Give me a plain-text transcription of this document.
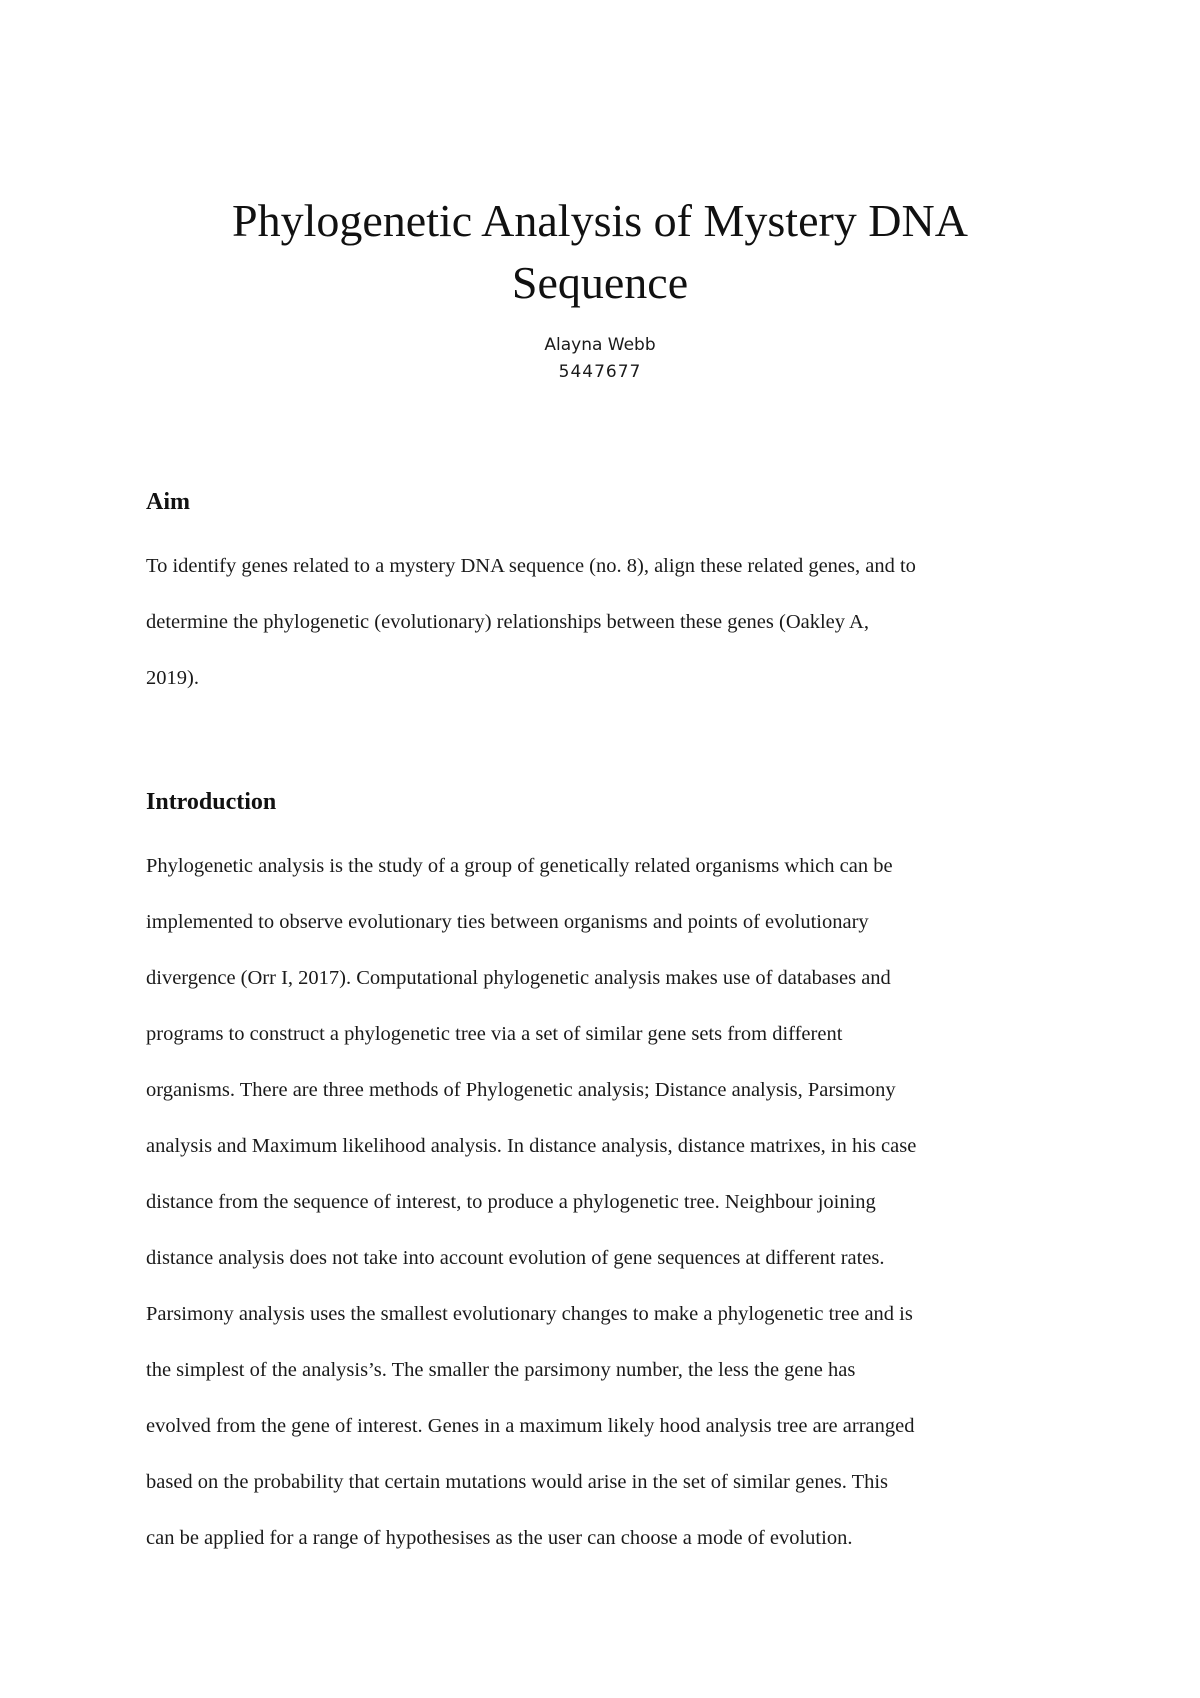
Phylogenetic Analysis of Mystery DNA
Sequence
Alayna Webb
5447677
Aim
To identify genes related to a mystery DNA sequence (no. 8), align these related genes, and to
determine the phylogenetic (evolutionary) relationships between these genes (Oakley A,
2019).
Introduction
Phylogenetic analysis is the study of a group of genetically related organisms which can be
implemented to observe evolutionary ties between organisms and points of evolutionary
divergence (Orr I, 2017). Computational phylogenetic analysis makes use of databases and
programs to construct a phylogenetic tree via a set of similar gene sets from different
organisms. There are three methods of Phylogenetic analysis; Distance analysis, Parsimony
analysis and Maximum likelihood analysis. In distance analysis, distance matrixes, in his case
distance from the sequence of interest, to produce a phylogenetic tree. Neighbour joining
distance analysis does not take into account evolution of gene sequences at different rates.
Parsimony analysis uses the smallest evolutionary changes to make a phylogenetic tree and is
the simplest of the analysis’s. The smaller the parsimony number, the less the gene has
evolved from the gene of interest. Genes in a maximum likely hood analysis tree are arranged
based on the probability that certain mutations would arise in the set of similar genes. This
can be applied for a range of hypothesises as the user can choose a mode of evolution.
